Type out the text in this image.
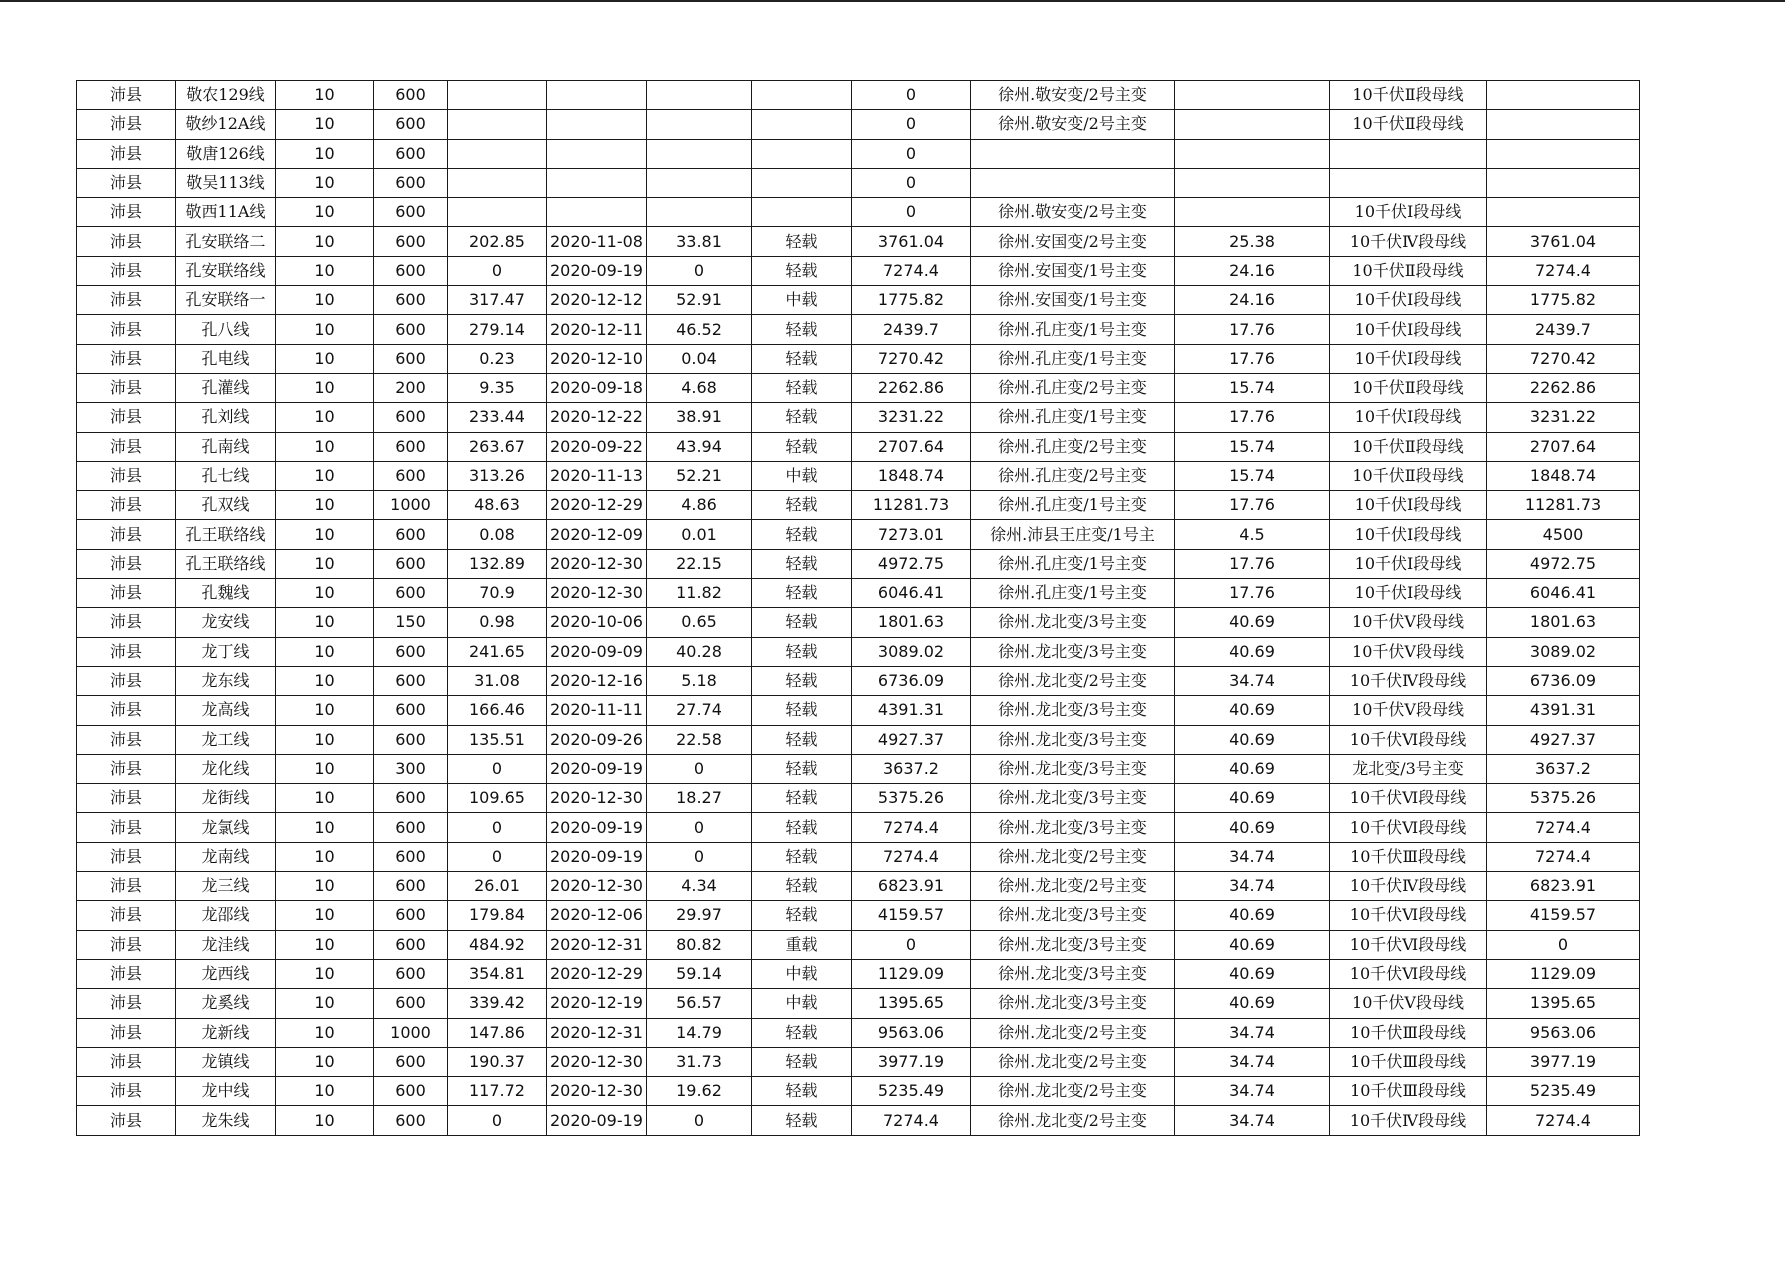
沛县	敬农129线	10	600					0	徐州.敬安变/2号主变		10千伏Ⅱ段母线	
沛县	敬纱12A线	10	600					0	徐州.敬安变/2号主变		10千伏Ⅱ段母线	
沛县	敬唐126线	10	600					0				
沛县	敬吴113线	10	600					0				
沛县	敬西11A线	10	600					0	徐州.敬安变/2号主变		10千伏Ⅰ段母线	
沛县	孔安联络二	10	600	202.85	2020-11-08	33.81	轻载	3761.04	徐州.安国变/2号主变	25.38	10千伏Ⅳ段母线	3761.04
沛县	孔安联络线	10	600	0	2020-09-19	0	轻载	7274.4	徐州.安国变/1号主变	24.16	10千伏Ⅱ段母线	7274.4
沛县	孔安联络一	10	600	317.47	2020-12-12	52.91	中载	1775.82	徐州.安国变/1号主变	24.16	10千伏Ⅰ段母线	1775.82
沛县	孔八线	10	600	279.14	2020-12-11	46.52	轻载	2439.7	徐州.孔庄变/1号主变	17.76	10千伏Ⅰ段母线	2439.7
沛县	孔电线	10	600	0.23	2020-12-10	0.04	轻载	7270.42	徐州.孔庄变/1号主变	17.76	10千伏Ⅰ段母线	7270.42
沛县	孔灌线	10	200	9.35	2020-09-18	4.68	轻载	2262.86	徐州.孔庄变/2号主变	15.74	10千伏Ⅱ段母线	2262.86
沛县	孔刘线	10	600	233.44	2020-12-22	38.91	轻载	3231.22	徐州.孔庄变/1号主变	17.76	10千伏Ⅰ段母线	3231.22
沛县	孔南线	10	600	263.67	2020-09-22	43.94	轻载	2707.64	徐州.孔庄变/2号主变	15.74	10千伏Ⅱ段母线	2707.64
沛县	孔七线	10	600	313.26	2020-11-13	52.21	中载	1848.74	徐州.孔庄变/2号主变	15.74	10千伏Ⅱ段母线	1848.74
沛县	孔双线	10	1000	48.63	2020-12-29	4.86	轻载	11281.73	徐州.孔庄变/1号主变	17.76	10千伏Ⅰ段母线	11281.73
沛县	孔王联络线	10	600	0.08	2020-12-09	0.01	轻载	7273.01	徐州.沛县王庄变/1号主	4.5	10千伏Ⅰ段母线	4500
沛县	孔王联络线	10	600	132.89	2020-12-30	22.15	轻载	4972.75	徐州.孔庄变/1号主变	17.76	10千伏Ⅰ段母线	4972.75
沛县	孔魏线	10	600	70.9	2020-12-30	11.82	轻载	6046.41	徐州.孔庄变/1号主变	17.76	10千伏Ⅰ段母线	6046.41
沛县	龙安线	10	150	0.98	2020-10-06	0.65	轻载	1801.63	徐州.龙北变/3号主变	40.69	10千伏Ⅴ段母线	1801.63
沛县	龙丁线	10	600	241.65	2020-09-09	40.28	轻载	3089.02	徐州.龙北变/3号主变	40.69	10千伏Ⅴ段母线	3089.02
沛县	龙东线	10	600	31.08	2020-12-16	5.18	轻载	6736.09	徐州.龙北变/2号主变	34.74	10千伏Ⅳ段母线	6736.09
沛县	龙高线	10	600	166.46	2020-11-11	27.74	轻载	4391.31	徐州.龙北变/3号主变	40.69	10千伏Ⅴ段母线	4391.31
沛县	龙工线	10	600	135.51	2020-09-26	22.58	轻载	4927.37	徐州.龙北变/3号主变	40.69	10千伏Ⅵ段母线	4927.37
沛县	龙化线	10	300	0	2020-09-19	0	轻载	3637.2	徐州.龙北变/3号主变	40.69	龙北变/3号主变	3637.2
沛县	龙街线	10	600	109.65	2020-12-30	18.27	轻载	5375.26	徐州.龙北变/3号主变	40.69	10千伏Ⅵ段母线	5375.26
沛县	龙氯线	10	600	0	2020-09-19	0	轻载	7274.4	徐州.龙北变/3号主变	40.69	10千伏Ⅵ段母线	7274.4
沛县	龙南线	10	600	0	2020-09-19	0	轻载	7274.4	徐州.龙北变/2号主变	34.74	10千伏Ⅲ段母线	7274.4
沛县	龙三线	10	600	26.01	2020-12-30	4.34	轻载	6823.91	徐州.龙北变/2号主变	34.74	10千伏Ⅳ段母线	6823.91
沛县	龙邵线	10	600	179.84	2020-12-06	29.97	轻载	4159.57	徐州.龙北变/3号主变	40.69	10千伏Ⅵ段母线	4159.57
沛县	龙洼线	10	600	484.92	2020-12-31	80.82	重载	0	徐州.龙北变/3号主变	40.69	10千伏Ⅵ段母线	0
沛县	龙西线	10	600	354.81	2020-12-29	59.14	中载	1129.09	徐州.龙北变/3号主变	40.69	10千伏Ⅵ段母线	1129.09
沛县	龙奚线	10	600	339.42	2020-12-19	56.57	中载	1395.65	徐州.龙北变/3号主变	40.69	10千伏Ⅴ段母线	1395.65
沛县	龙新线	10	1000	147.86	2020-12-31	14.79	轻载	9563.06	徐州.龙北变/2号主变	34.74	10千伏Ⅲ段母线	9563.06
沛县	龙镇线	10	600	190.37	2020-12-30	31.73	轻载	3977.19	徐州.龙北变/2号主变	34.74	10千伏Ⅲ段母线	3977.19
沛县	龙中线	10	600	117.72	2020-12-30	19.62	轻载	5235.49	徐州.龙北变/2号主变	34.74	10千伏Ⅲ段母线	5235.49
沛县	龙朱线	10	600	0	2020-09-19	0	轻载	7274.4	徐州.龙北变/2号主变	34.74	10千伏Ⅳ段母线	7274.4
